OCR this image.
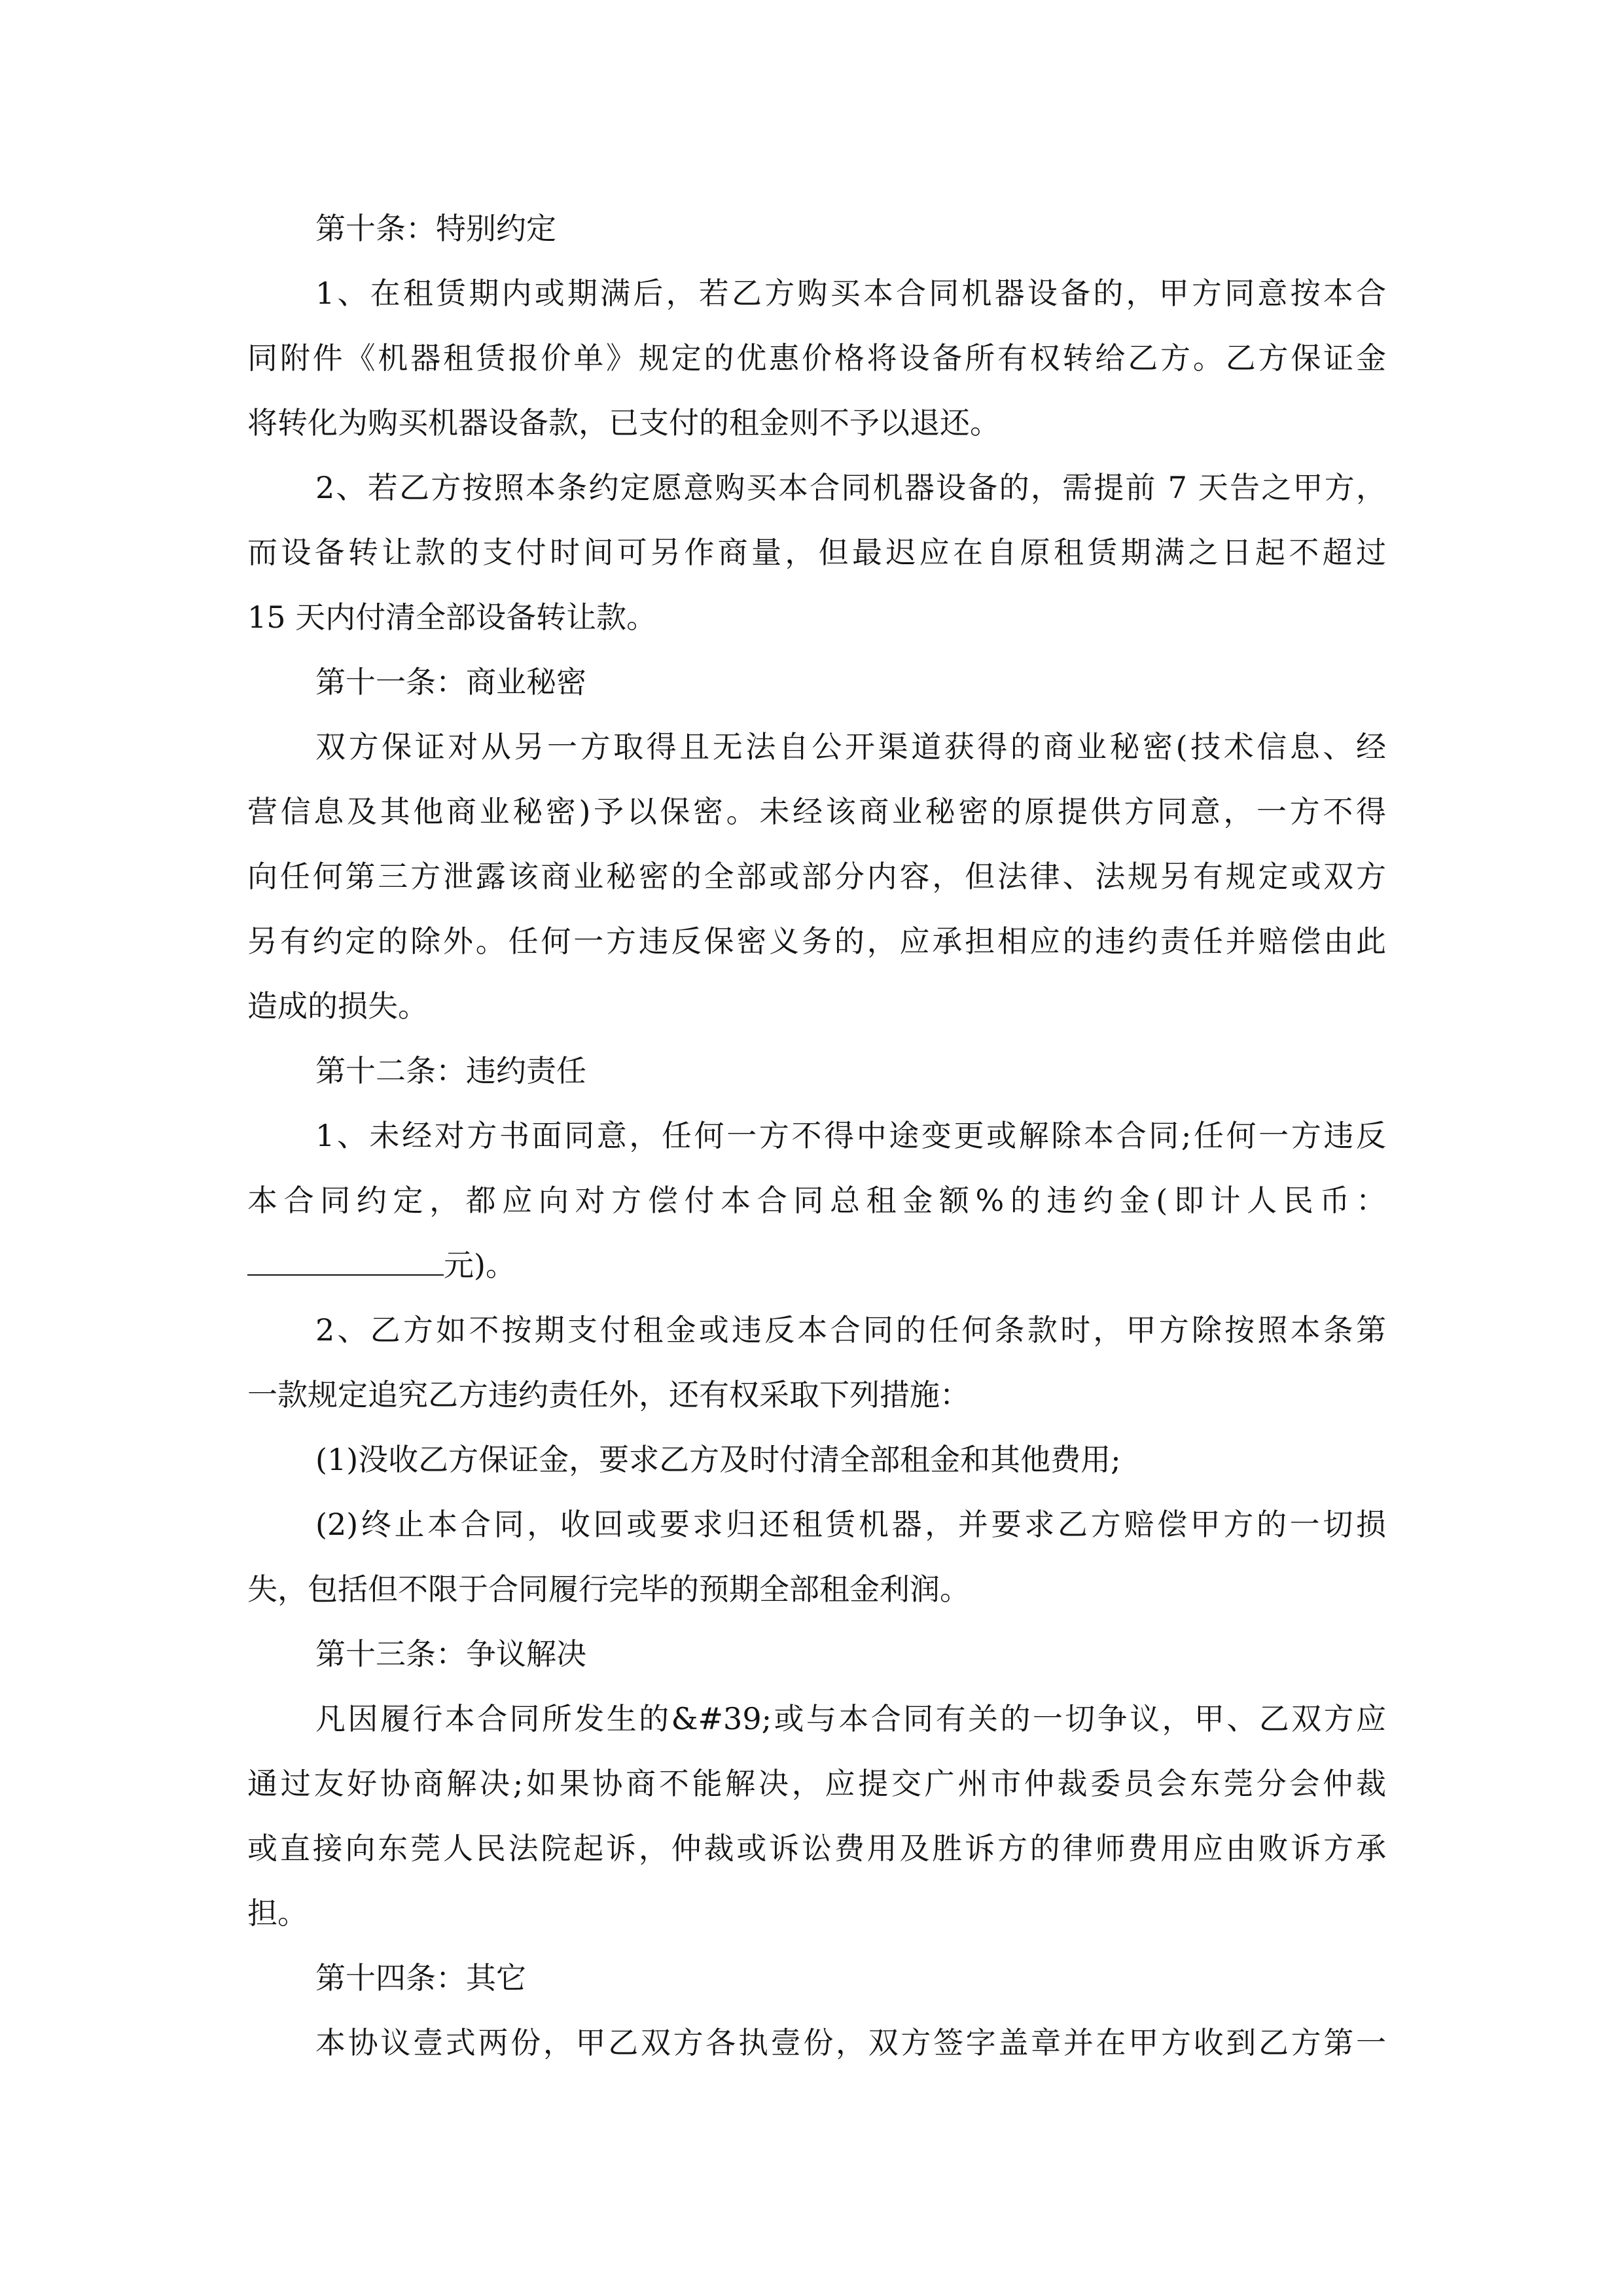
第十条：特别约定

1、在租赁期内或期满后，若乙方购买本合同机器设备的，甲方同意按本合

同附件《机器租赁报价单》规定的优惠价格将设备所有权转给乙方。乙方保证金

将转化为购买机器设备款，已支付的租金则不予以退还。

2、若乙方按照本条约定愿意购买本合同机器设备的，需提前 7 天告之甲方，

而设备转让款的支付时间可另作商量，但最迟应在自原租赁期满之日起不超过

15 天内付清全部设备转让款。

第十一条：商业秘密

双方保证对从另一方取得且无法自公开渠道获得的商业秘密(技术信息、经

营信息及其他商业秘密)予以保密。未经该商业秘密的原提供方同意，一方不得

向任何第三方泄露该商业秘密的全部或部分内容，但法律、法规另有规定或双方

另有约定的除外。任何一方违反保密义务的，应承担相应的违约责任并赔偿由此

造成的损失。

第十二条：违约责任

1、未经对方书面同意，任何一方不得中途变更或解除本合同;任何一方违反

本合同约定，都应向对方偿付本合同总租金额%的违约金(即计人民币：

元)。

2、乙方如不按期支付租金或违反本合同的任何条款时，甲方除按照本条第

一款规定追究乙方违约责任外，还有权采取下列措施：

(1)没收乙方保证金，要求乙方及时付清全部租金和其他费用;

(2)终止本合同，收回或要求归还租赁机器，并要求乙方赔偿甲方的一切损

失，包括但不限于合同履行完毕的预期全部租金利润。

第十三条：争议解决

凡因履行本合同所发生的&#39;或与本合同有关的一切争议，甲、乙双方应

通过友好协商解决;如果协商不能解决，应提交广州市仲裁委员会东莞分会仲裁

或直接向东莞人民法院起诉，仲裁或诉讼费用及胜诉方的律师费用应由败诉方承

担。

第十四条：其它

本协议壹式两份，甲乙双方各执壹份，双方签字盖章并在甲方收到乙方第一
